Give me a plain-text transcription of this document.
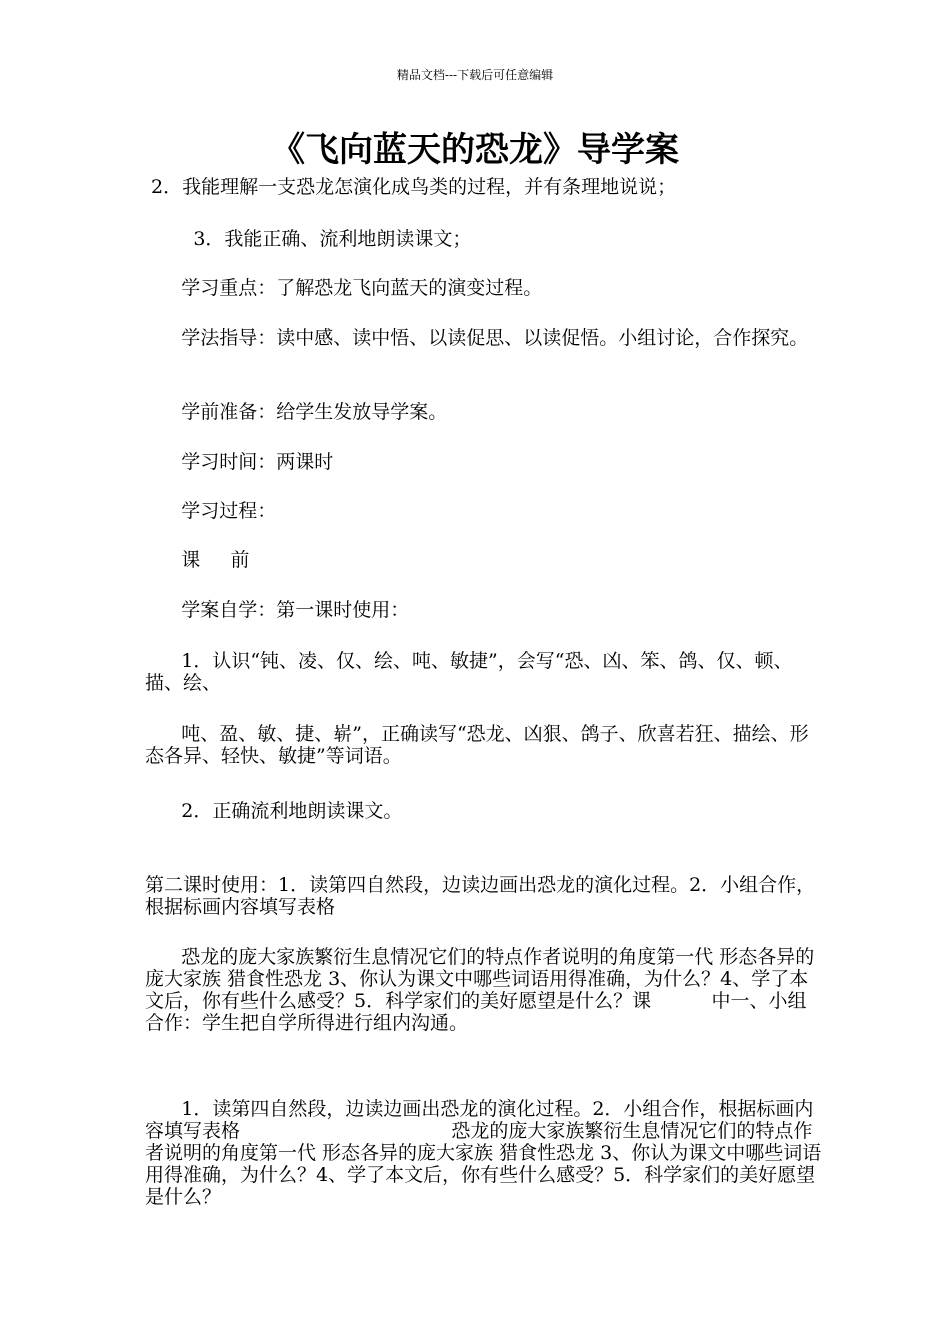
精品文档---下载后可任意编辑
《飞向蓝天的恐龙》导学案
2．我能理解一支恐龙怎演化成鸟类的过程，并有条理地说说；
3．我能正确、流利地朗读课文；
学习重点：了解恐龙飞向蓝天的演变过程。
学法指导：读中感、读中悟、以读促思、以读促悟。小组讨论，合作探究。
学前准备：给学生发放导学案。
学习时间：两课时
学习过程：
课     前
学案自学：第一课时使用：
1．认识“钝、凌、仅、绘、吨、敏捷”，会写“恐、凶、笨、鸽、仅、顿、描、绘、
吨、盈、敏、捷、崭”，正确读写“恐龙、凶狠、鸽子、欣喜若狂、描绘、形态各异、轻快、敏捷”等词语。
2．正确流利地朗读课文。
第二课时使用：1．读第四自然段，边读边画出恐龙的演化过程。2．小组合作，根据标画内容填写表格
恐龙的庞大家族繁衍生息情况它们的特点作者说明的角度第一代 形态各异的庞大家族 猎食性恐龙 3、你认为课文中哪些词语用得准确，为什么？4、学了本文后，你有些什么感受？5．科学家们的美好愿望是什么？课          中一、小组合作：学生把自学所得进行组内沟通。
1．读第四自然段，边读边画出恐龙的演化过程。2．小组合作，根据标画内容填写表格                                   恐龙的庞大家族繁衍生息情况它们的特点作者说明的角度第一代 形态各异的庞大家族 猎食性恐龙 3、你认为课文中哪些词语用得准确，为什么？4、学了本文后，你有些什么感受？5．科学家们的美好愿望是什么？
